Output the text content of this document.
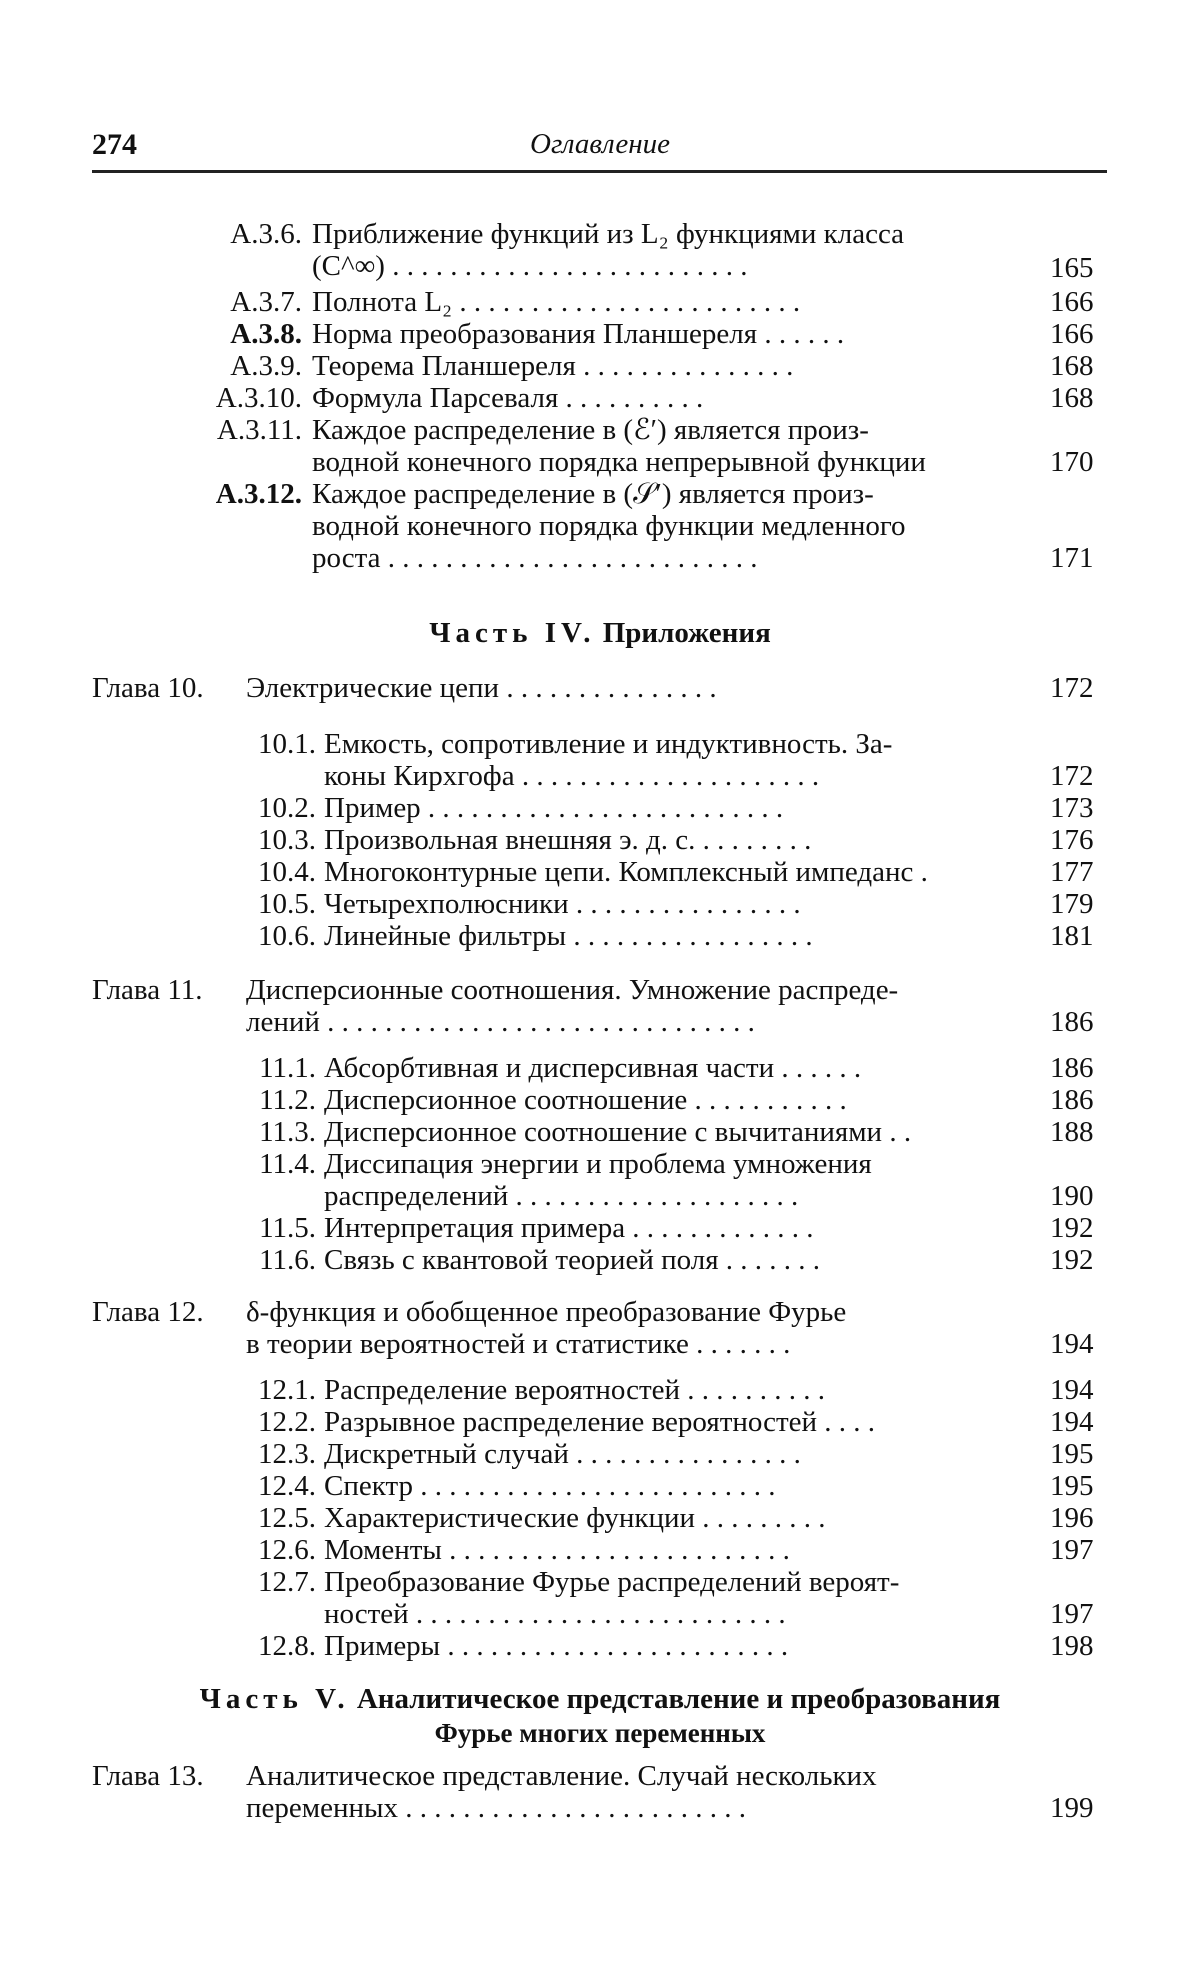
274	Оглавление
А.3.6. Приближение функций из L₂ функциями класса
(C^∞) . . . . . . . . . . . . . . . . . . . . . . . . .	165
А.3.7. Полнота L₂ . . . . . . . . . . . . . . . . . . . . . . . .	166
А.3.8. Норма преобразования Планшереля . . . . . .	166
А.3.9. Теорема Планшереля . . . . . . . . . . . . . . .	168
А.3.10. Формула Парсеваля . . . . . . . . . .	168
А.3.11. Каждое распределение в (ℰ′) является произ-
водной конечного порядка непрерывной функции	170
А.3.12. Каждое распределение в (𝒮′) является произ-
водной конечного порядка функции медленного
роста . . . . . . . . . . . . . . . . . . . . . . . . . .	171
Часть IV. Приложения
Глава 10.	Электрические цепи . . . . . . . . . . . . . . .	172
10.1. Емкость, сопротивление и индуктивность. За-
коны Кирхгофа . . . . . . . . . . . . . . . . . . . . .	172
10.2. Пример . . . . . . . . . . . . . . . . . . . . . . . . .	173
10.3. Произвольная внешняя э. д. с. . . . . . . . .	176
10.4. Многоконтурные цепи. Комплексный импеданс .	177
10.5. Четырехполюсники . . . . . . . . . . . . . . . .	179
10.6. Линейные фильтры . . . . . . . . . . . . . . . . .	181
Глава 11.	Дисперсионные соотношения. Умножение распреде-
лений . . . . . . . . . . . . . . . . . . . . . . . . . . . . . .	186
11.1. Абсорбтивная и дисперсивная части . . . . . .	186
11.2. Дисперсионное соотношение . . . . . . . . . . .	186
11.3. Дисперсионное соотношение с вычитаниями . .	188
11.4. Диссипация энергии и проблема умножения
распределений . . . . . . . . . . . . . . . . . . . .	190
11.5. Интерпретация примера . . . . . . . . . . . . .	192
11.6. Связь с квантовой теорией поля . . . . . . .	192
Глава 12.	δ-функция и обобщенное преобразование Фурье
в теории вероятностей и статистике . . . . . . .	194
12.1. Распределение вероятностей . . . . . . . . . .	194
12.2. Разрывное распределение вероятностей . . . .	194
12.3. Дискретный случай . . . . . . . . . . . . . . . .	195
12.4. Спектр . . . . . . . . . . . . . . . . . . . . . . . . .	195
12.5. Характеристические функции . . . . . . . . .	196
12.6. Моменты . . . . . . . . . . . . . . . . . . . . . . . .	197
12.7. Преобразование Фурье распределений вероят-
ностей . . . . . . . . . . . . . . . . . . . . . . . . . .	197
12.8. Примеры . . . . . . . . . . . . . . . . . . . . . . . .	198
Часть V. Аналитическое представление и преобразования
Фурье многих переменных
Глава 13.	Аналитическое представление. Случай нескольких
переменных . . . . . . . . . . . . . . . . . . . . . . . .	199
